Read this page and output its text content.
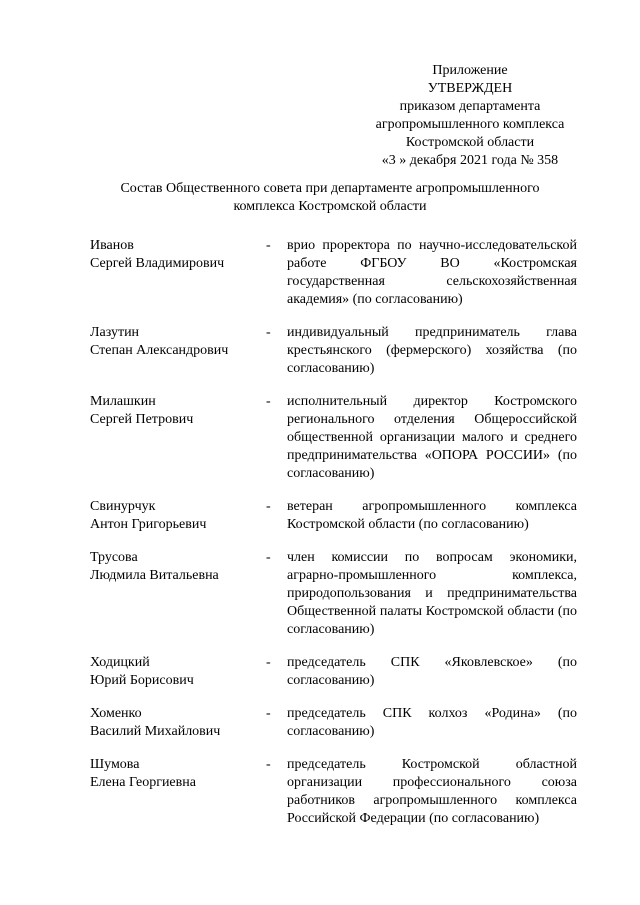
Приложение
УТВЕРЖДЕН
приказом департамента
агропромышленного комплекса
Костромской области
«3 » декабря 2021 года № 358
Состав Общественного совета при департаменте агропромышленного
комплекса Костромской области
Иванов
Сергей Владимирович
-	врио проректора по научно-исследовательской работе ФГБОУ ВО «Костромская государственная сельскохозяйственная академия» (по согласованию)
Лазутин
Степан Александрович
-	индивидуальный предприниматель глава крестьянского (фермерского) хозяйства (по согласованию)
Милашкин
Сергей Петрович
-	исполнительный директор Костромского регионального отделения Общероссийской общественной организации малого и среднего предпринимательства «ОПОРА РОССИИ» (по согласованию)
Свинурчук
Антон Григорьевич
-	ветеран агропромышленного комплекса Костромской области (по согласованию)
Трусова
Людмила Витальевна
-	член комиссии по вопросам экономики, аграрно-промышленного комплекса, природопользования и предпринимательства Общественной палаты Костромской области (по согласованию)
Ходицкий
Юрий Борисович
-	председатель СПК «Яковлевское» (по согласованию)
Хоменко
Василий Михайлович
-	председатель СПК колхоз «Родина» (по согласованию)
Шумова
Елена Георгиевна
-	председатель Костромской областной организации профессионального союза работников агропромышленного комплекса Российской Федерации (по согласованию)
